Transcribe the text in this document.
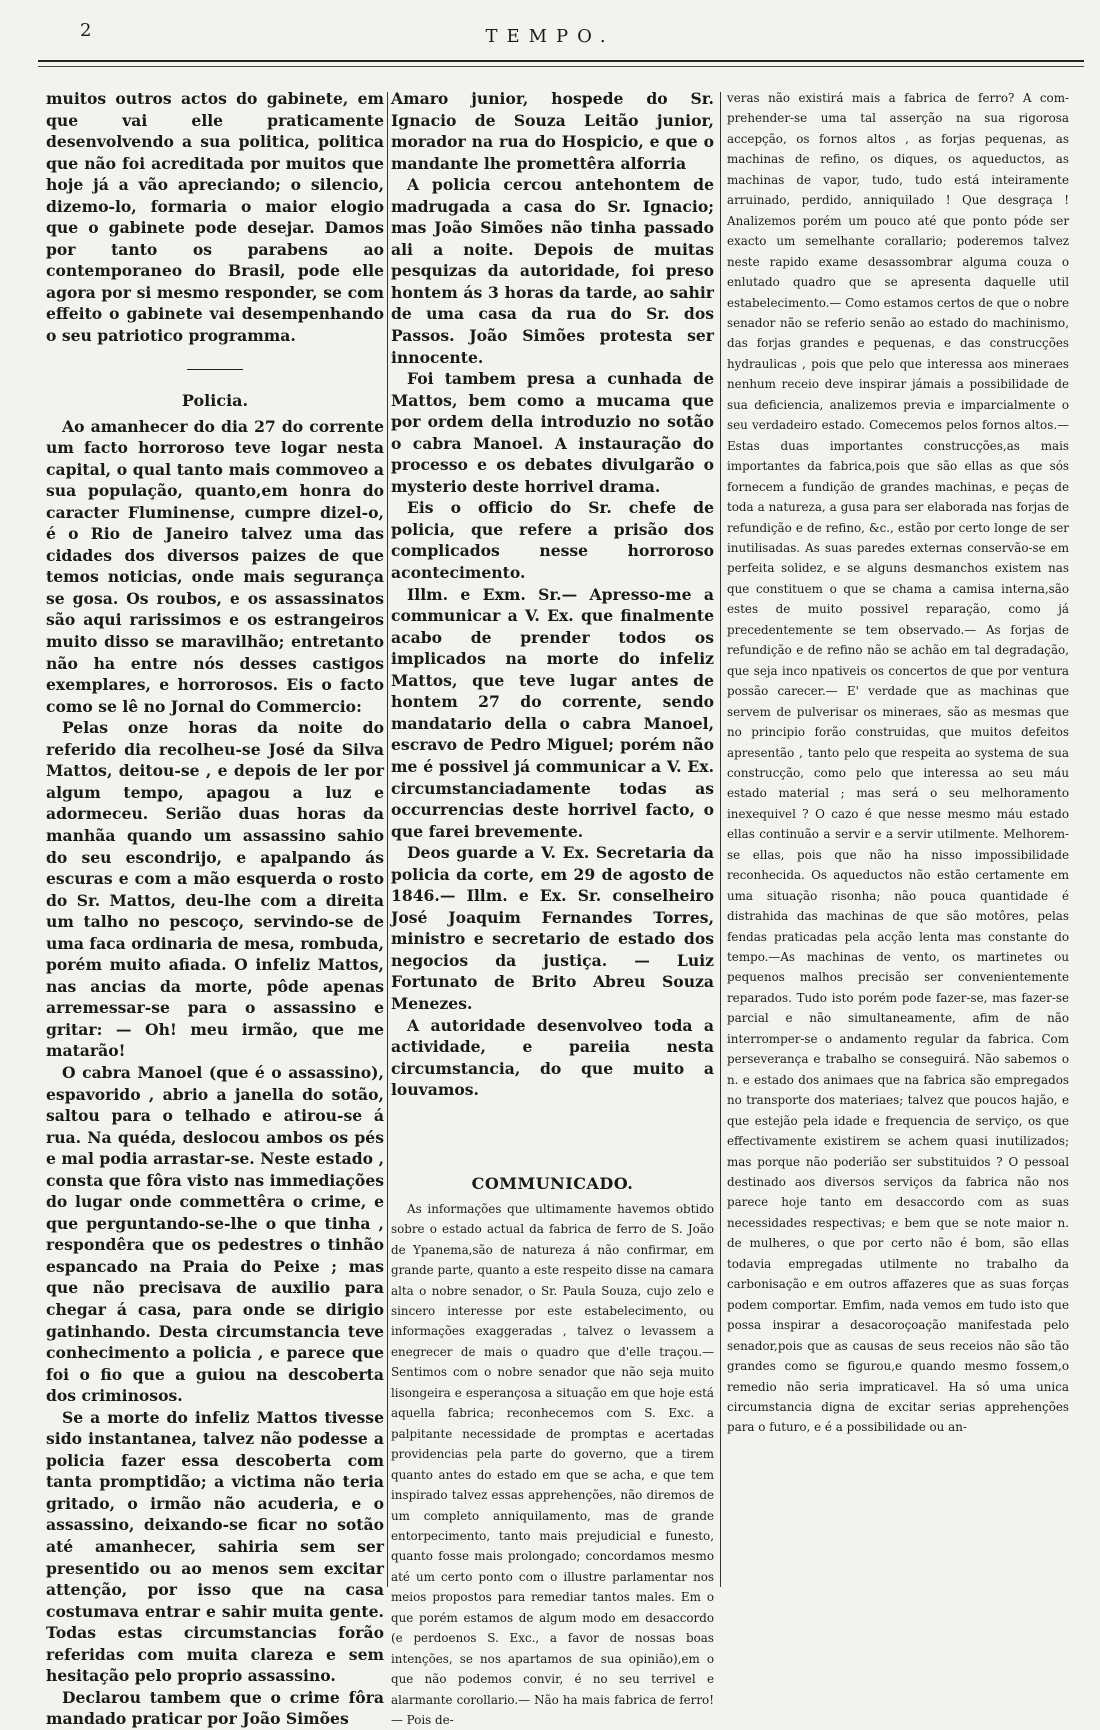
2	TEMPO.

muitos outros actos do gabinete, em que vai elle praticamente desenvolvendo a sua politica, politica que não foi acreditada por muitos que hoje já a vão apreciando; o silencio, dizemo-lo, formaria o maior elogio que o gabinete pode desejar. Damos por tanto os parabens ao contemporaneo do Brasil, pode elle agora por si mesmo responder, se com effeito o gabinete vai desempenhando o seu patriotico programma.

Policia.

Ao amanhecer do dia 27 do corrente um facto horroroso teve logar nesta capital, o qual tanto mais commoveo a sua população, quanto,em honra do caracter Fluminense, cumpre dizel-o, é o Rio de Janeiro talvez uma das cidades dos diversos paizes de que temos noticias, onde mais segurança se gosa. Os roubos, e os assassinatos são aqui rarissimos e os estrangeiros muito disso se maravilhão; entretanto não ha entre nós desses castigos exemplares, e horrorosos. Eis o facto como se lê no Jornal do Commercio:

Pelas onze horas da noite do referido dia recolheu-se José da Silva Mattos, deitou-se , e depois de ler por algum tempo, apagou a luz e adormeceu. Serião duas horas da manhãa quando um assassino sahio do seu escondrijo, e apalpando ás escuras e com a mão esquerda o rosto do Sr. Mattos, deu-lhe com a direita um talho no pescoço, servindo-se de uma faca ordinaria de mesa, rombuda, porém muito afiada. O infeliz Mattos, nas ancias da morte, pôde apenas arremessar-se para o assassino e gritar: — Oh! meu irmão, que me matarão!

O cabra Manoel (que é o assassino), espavorido , abrio a janella do sotão, saltou para o telhado e atirou-se á rua. Na quéda, deslocou ambos os pés e mal podia arrastar-se. Neste estado , consta que fôra visto nas immediações do lugar onde commettêra o crime, e que perguntando-se-lhe o que tinha , respondêra que os pedestres o tinhão espancado na Praia do Peixe ; mas que não precisava de auxilio para chegar á casa, para onde se dirigio gatinhando. Desta circumstancia teve conhecimento a policia , e parece que foi o fio que a guiou na descoberta dos criminosos.

Se a morte do infeliz Mattos tivesse sido instantanea, talvez não podesse a policia fazer essa descoberta com tanta promptidão; a victima não teria gritado, o irmão não acuderia, e o assassino, deixando-se ficar no sotão até amanhecer, sahiria sem ser presentido ou ao menos sem excitar attenção, por isso que na casa costumava entrar e sahir muita gente. Todas estas circumstancias forão referidas com muita clareza e sem hesitação pelo proprio assassino.

Declarou tambem que o crime fôra mandado praticar por João Simões

Amaro junior, hospede do Sr. Ignacio de Souza Leitão junior, morador na rua do Hospicio, e que o mandante lhe promettêra alforria

A policia cercou antehontem de madrugada a casa do Sr. Ignacio; mas João Simões não tinha passado ali a noite. Depois de muitas pesquizas da autoridade, foi preso hontem ás 3 horas da tarde, ao sahir de uma casa da rua do Sr. dos Passos. João Simões protesta ser innocente.

Foi tambem presa a cunhada de Mattos, bem como a mucama que por ordem della introduzio no sotão o cabra Manoel. A instauração do processo e os debates divulgarão o mysterio deste horrivel drama.

Eis o officio do Sr. chefe de policia, que refere a prisão dos complicados nesse horroroso acontecimento.

Illm. e Exm. Sr.— Apresso-me a communicar a V. Ex. que finalmente acabo de prender todos os implicados na morte do infeliz Mattos, que teve lugar antes de hontem 27 do corrente, sendo mandatario della o cabra Manoel, escravo de Pedro Miguel; porém não me é possivel já communicar a V. Ex. circumstanciadamente todas as occurrencias deste horrivel facto, o que farei brevemente.

Deos guarde a V. Ex. Secretaria da policia da corte, em 29 de agosto de 1846.— Illm. e Ex. Sr. conselheiro José Joaquim Fernandes Torres, ministro e secretario de estado dos negocios da justiça. — Luiz Fortunato de Brito Abreu Souza Menezes.

A autoridade desenvolveo toda a actividade, e pareiia nesta circumstancia, do que muito a louvamos.

COMMUNICADO.

As informações que ultimamente havemos obtido sobre o estado actual da fabrica de ferro de S. João de Ypanema,são de natureza á não confirmar, em grande parte, quanto a este respeito disse na camara alta o nobre senador, o Sr. Paula Souza, cujo zelo e sincero interesse por este estabelecimento, ou informações exaggeradas , talvez o levassem a enegrecer de mais o quadro que d'elle traçou.— Sentimos com o nobre senador que não seja muito lisongeira e esperançosa a situação em que hoje está aquella fabrica; reconhecemos com S. Exc. a palpitante necessidade de promptas e acertadas providencias pela parte do governo, que a tirem quanto antes do estado em que se acha, e que tem inspirado talvez essas apprehenções, não diremos de um completo anniquilamento, mas de grande entorpecimento, tanto mais prejudicial e funesto, quanto fosse mais prolongado; concordamos mesmo até um certo ponto com o illustre parlamentar nos meios propostos para remediar tantos males. Em o que porém estamos de algum modo em desaccordo (e perdoenos S. Exc., a favor de nossas boas intenções, se nos apartamos de sua opinião),em o que não podemos convir, é no seu terrivel e alarmante corollario.— Não ha mais fabrica de ferro!— Pois de-

veras não existirá mais a fabrica de ferro? A com-prehender-se uma tal asserção na sua rigorosa accepção, os fornos altos , as forjas pequenas, as machinas de refino, os diques, os aqueductos, as machinas de vapor, tudo, tudo está inteiramente arruinado, perdido, anniquilado ! Que desgraça ! Analizemos porém um pouco até que ponto póde ser exacto um semelhante corallario; poderemos talvez neste rapido exame desassombrar alguma couza o enlutado quadro que se apresenta daquelle util estabelecimento.— Como estamos certos de que o nobre senador não se referio senão ao estado do machinismo, das forjas grandes e pequenas, e das construcções hydraulicas , pois que pelo que interessa aos mineraes nenhum receio deve inspirar jámais a possibilidade de sua deficiencia, analizemos previa e imparcialmente o seu verdadeiro estado. Comecemos pelos fornos altos.— Estas duas importantes construcções,as mais importantes da fabrica,pois que são ellas as que sós fornecem a fundição de grandes machinas, e peças de toda a natureza, a gusa para ser elaborada nas forjas de refundição e de refino, &c., estão por certo longe de ser inutilisadas. As suas paredes externas conservão-se em perfeita solidez, e se alguns desmanchos existem nas que constituem o que se chama a camisa interna,são estes de muito possivel reparação, como já precedentemente se tem observado.— As forjas de refundição e de refino não se achão em tal degradação, que seja inco npativeis os concertos de que por ventura possão carecer.— E' verdade que as machinas que servem de pulverisar os mineraes, são as mesmas que no principio forão construidas, que muitos defeitos apresentão , tanto pelo que respeita ao systema de sua construcção, como pelo que interessa ao seu máu estado material ; mas será o seu melhoramento inexequivel ? O cazo é que nesse mesmo máu estado ellas continuão a servir e a servir utilmente. Melhorem-se ellas, pois que não ha nisso impossibilidade reconhecida. Os aqueductos não estão certamente em uma situação risonha; não pouca quantidade é distrahida das machinas de que são motôres, pelas fendas praticadas pela acção lenta mas constante do tempo.—As machinas de vento, os martinetes ou pequenos malhos precisão ser convenientemente reparados. Tudo isto porém pode fazer-se, mas fazer-se parcial e não simultaneamente, afim de não interromper-se o andamento regular da fabrica. Com perseverança e trabalho se conseguirá. Não sabemos o n. e estado dos animaes que na fabrica são empregados no transporte dos materiaes; talvez que poucos hajão, e que estejão pela idade e frequencia de serviço, os que effectivamente existirem se achem quasi inutilizados; mas porque não poderião ser substituidos ? O pessoal destinado aos diversos serviços da fabrica não nos parece hoje tanto em desaccordo com as suas necessidades respectivas; e bem que se note maior n. de mulheres, o que por certo não é bom, são ellas todavia empregadas utilmente no trabalho da carbonisação e em outros affazeres que as suas forças podem comportar. Emfim, nada vemos em tudo isto que possa inspirar a desacoroçoação manifestada pelo senador,pois que as causas de seus receios não são tão grandes como se figurou,e quando mesmo fossem,o remedio não seria impraticavel. Ha só uma unica circumstancia digna de excitar serias apprehenções para o futuro, e é a possibilidade ou an-
